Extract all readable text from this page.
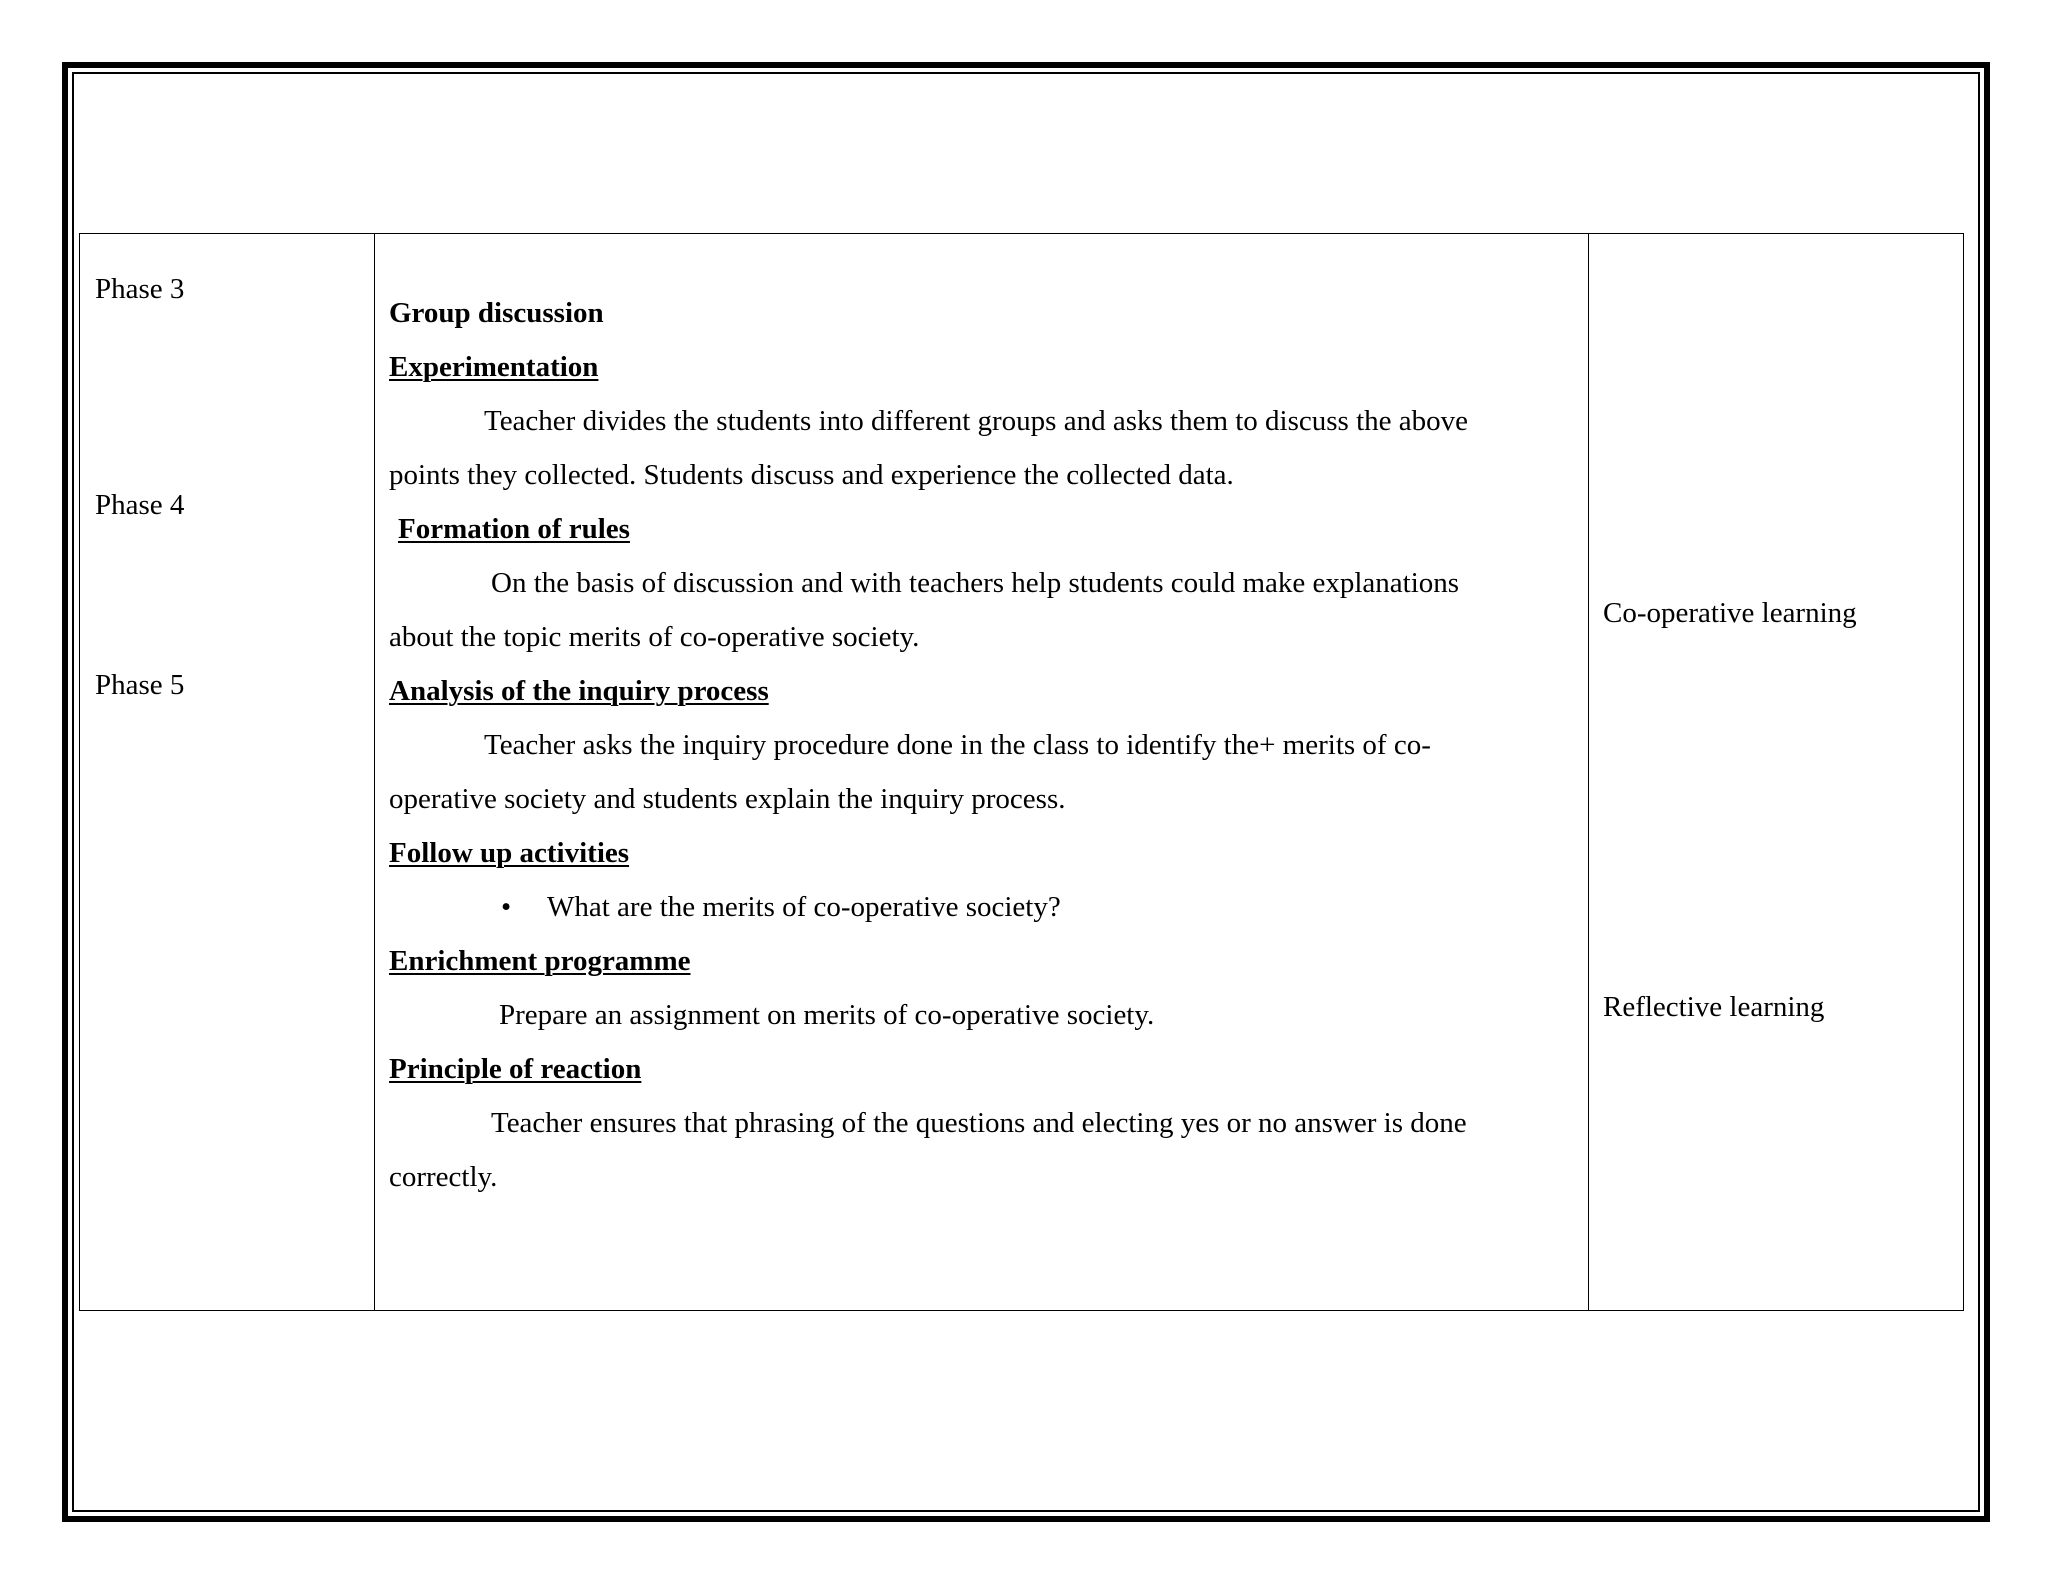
Phase 3
Phase 4
Phase 5

Group discussion

Experimentation

Teacher divides the students into different groups and asks them to discuss the above

points they collected. Students discuss and experience the collected data.

Formation of rules

On the basis of discussion and with teachers help students could make explanations

about the topic merits of co-operative society.

Analysis of the inquiry process

Teacher asks the inquiry procedure done in the class to identify the+ merits of co-

operative society and students explain the inquiry process.

Follow up activities

• What are the merits of co-operative society?

Enrichment programme

Prepare an assignment on merits of co-operative society.

Principle of reaction

Teacher ensures that phrasing of the questions and electing yes or no answer is done

correctly.

Co-operative learning
Reflective learning
